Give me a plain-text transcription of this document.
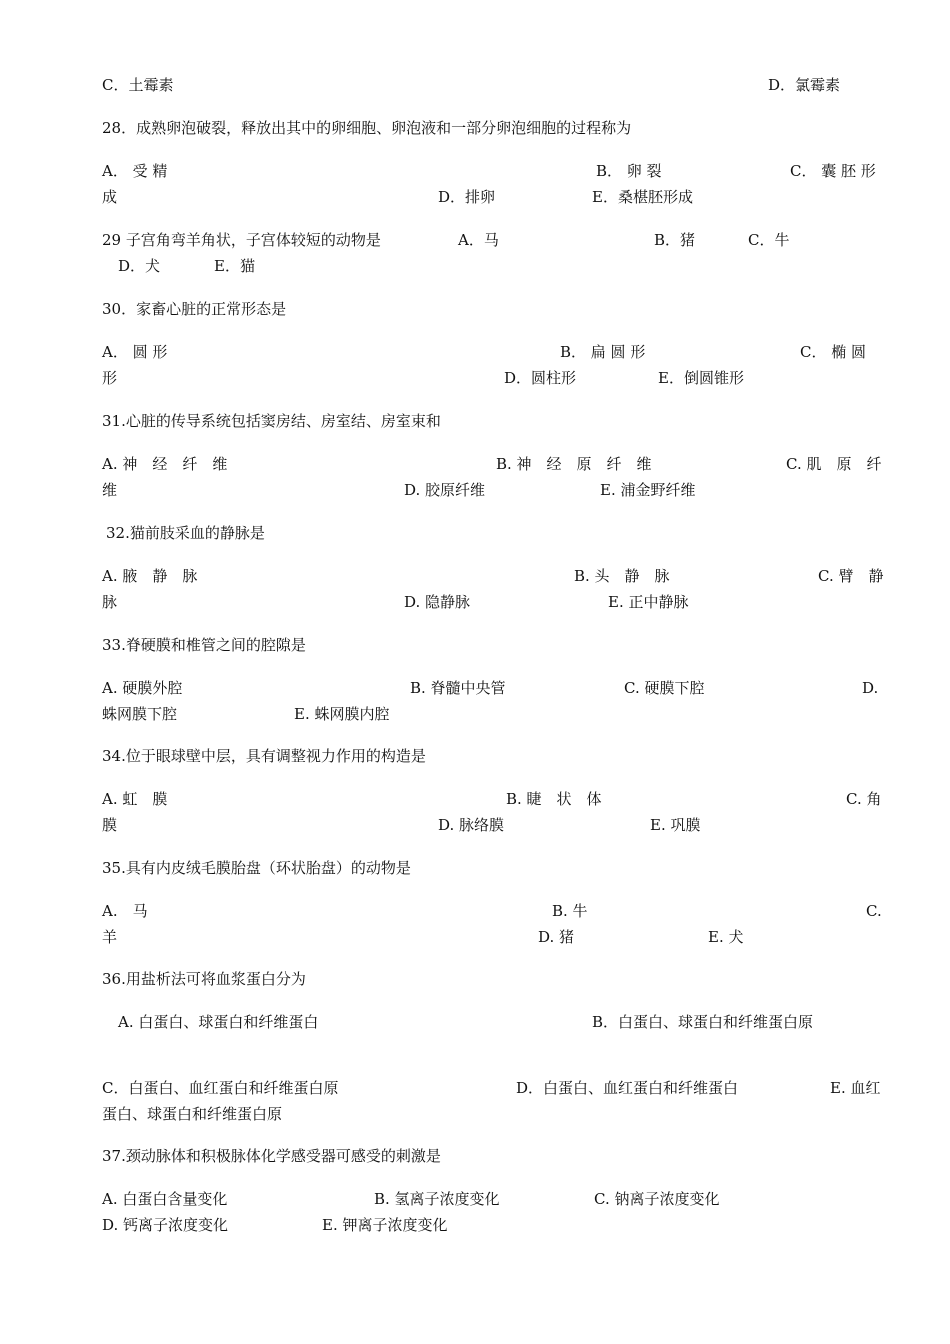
C．土霉素	D．氯霉素
28．成熟卵泡破裂，释放出其中的卵细胞、卵泡液和一部分卵泡细胞的过程称为
A． 受 精	B． 卵 裂	C． 囊 胚 形
成	D．排卵	E．桑椹胚形成
29 子宫角弯羊角状，子宫体较短的动物是	A．马	B．猪	C．牛
D．犬	E．猫
30．家畜心脏的正常形态是
A． 圆 形	B． 扁 圆 形	C． 椭 圆
形	D．圆柱形	E．倒圆锥形
31.心脏的传导系统包括窦房结、房室结、房室束和
A. 神　经　纤　维	B. 神　经　原　纤　维	C. 肌　原　纤
维	D. 胶原纤维	E. 浦金野纤维
32.猫前肢采血的静脉是
A. 腋　静　脉	B. 头　静　脉	C. 臂　静
脉	D. 隐静脉	E. 正中静脉
33.脊硬膜和椎管之间的腔隙是
A. 硬膜外腔	B. 脊髓中央管	C. 硬膜下腔	D.
蛛网膜下腔	E. 蛛网膜内腔
34.位于眼球壁中层，具有调整视力作用的构造是
A. 虹　膜	B. 睫　状　体	C. 角
膜	D. 脉络膜	E. 巩膜
35.具有内皮绒毛膜胎盘（环状胎盘）的动物是
A.　马	B. 牛	C.
羊	D. 猪	E. 犬
36.用盐析法可将血浆蛋白分为
A. 白蛋白、球蛋白和纤维蛋白	B．白蛋白、球蛋白和纤维蛋白原
C．白蛋白、血红蛋白和纤维蛋白原	D．白蛋白、血红蛋白和纤维蛋白	E. 血红
蛋白、球蛋白和纤维蛋白原
37.颈动脉体和积极脉体化学感受器可感受的刺激是
A. 白蛋白含量变化	B. 氢离子浓度变化	C. 钠离子浓度变化
D. 钙离子浓度变化	E. 钾离子浓度变化
